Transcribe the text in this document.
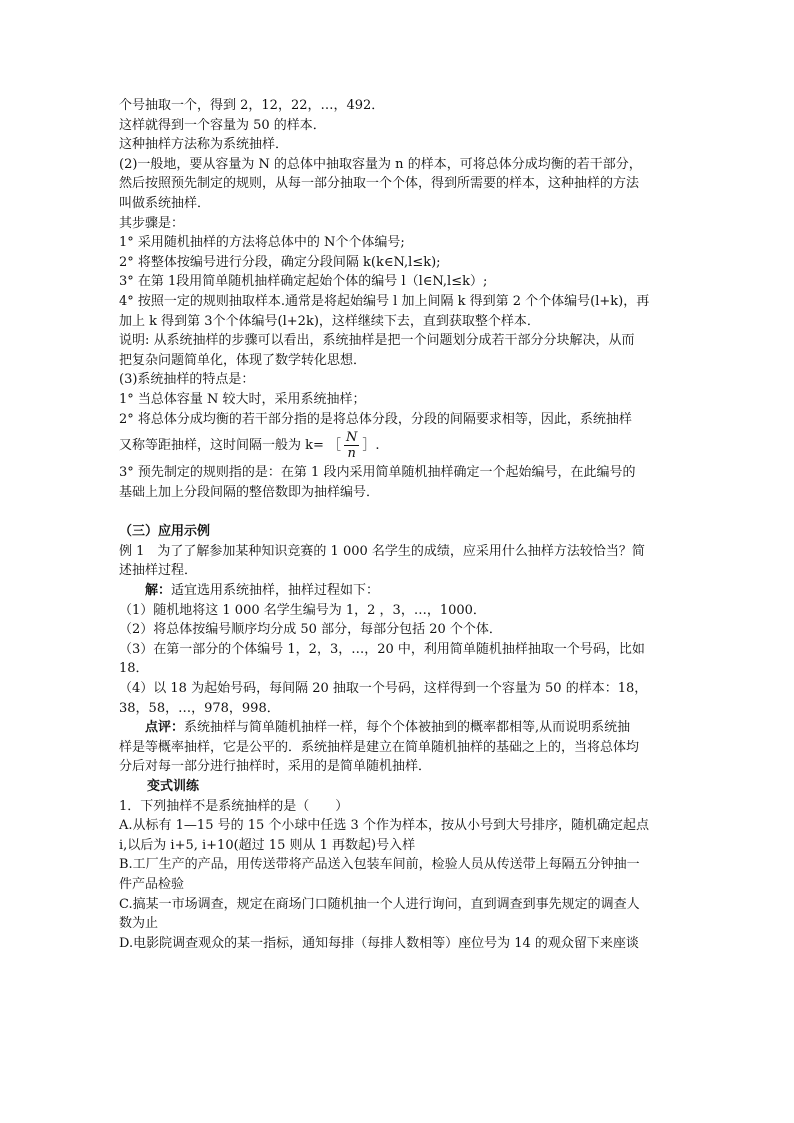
个号抽取一个，得到 2，12，22，…，492．

这样就得到一个容量为 50 的样本．

这种抽样方法称为系统抽样．

(2)一般地，要从容量为 N 的总体中抽取容量为 n 的样本，可将总体分成均衡的若干部分，

然后按照预先制定的规则，从每一部分抽取一个个体，得到所需要的样本，这种抽样的方法

叫做系统抽样．

其步骤是：

1° 采用随机抽样的方法将总体中的 N个个体编号;

2° 将整体按编号进行分段，确定分段间隔 k(k∈N,l≤k);

3° 在第 1段用简单随机抽样确定起始个体的编号 l（l∈N,l≤k）;

4° 按照一定的规则抽取样本.通常是将起始编号 l 加上间隔 k 得到第 2 个个体编号(l+k)，再

加上 k 得到第 3个个体编号(l+2k)，这样继续下去，直到获取整个样本．

说明: 从系统抽样的步骤可以看出，系统抽样是把一个问题划分成若干部分分块解决，从而

把复杂问题简单化，体现了数学转化思想．

(3)系统抽样的特点是：

1° 当总体容量 N 较大时，采用系统抽样；

2° 将总体分成均衡的若干部分指的是将总体分段，分段的间隔要求相等，因此，系统抽样

又称等距抽样，这时间隔一般为 k= ［ $\frac{N}{n}$ ］.

3° 预先制定的规则指的是：在第 1 段内采用简单随机抽样确定一个起始编号，在此编号的

基础上加上分段间隔的整倍数即为抽样编号．

（三）应用示例

例 1　为了了解参加某种知识竞赛的 1 000 名学生的成绩，应采用什么抽样方法较恰当？简

述抽样过程．

解：适宜选用系统抽样，抽样过程如下：

（1）随机地将这 1 000 名学生编号为 1，2 ，3，…，1000．

（2）将总体按编号顺序均分成 50 部分，每部分包括 20 个个体．

（3）在第一部分的个体编号 1，2，3，…，20 中，利用简单随机抽样抽取一个号码，比如

18．

（4）以 18 为起始号码，每间隔 20 抽取一个号码，这样得到一个容量为 50 的样本：18，

38，58，…，978，998．

点评：系统抽样与简单随机抽样一样，每个个体被抽到的概率都相等,从而说明系统抽

样是等概率抽样，它是公平的．系统抽样是建立在简单随机抽样的基础之上的，当将总体均

分后对每一部分进行抽样时，采用的是简单随机抽样．

变式训练

1．下列抽样不是系统抽样的是（　　）

A.从标有 1—15 号的 15 个小球中任选 3 个作为样本，按从小号到大号排序，随机确定起点

i,以后为 i+5, i+10(超过 15 则从 1 再数起)号入样

B.工厂生产的产品，用传送带将产品送入包装车间前，检验人员从传送带上每隔五分钟抽一

件产品检验

C.搞某一市场调查，规定在商场门口随机抽一个人进行询问，直到调查到事先规定的调查人

数为止

D.电影院调查观众的某一指标，通知每排（每排人数相等）座位号为 14 的观众留下来座谈
